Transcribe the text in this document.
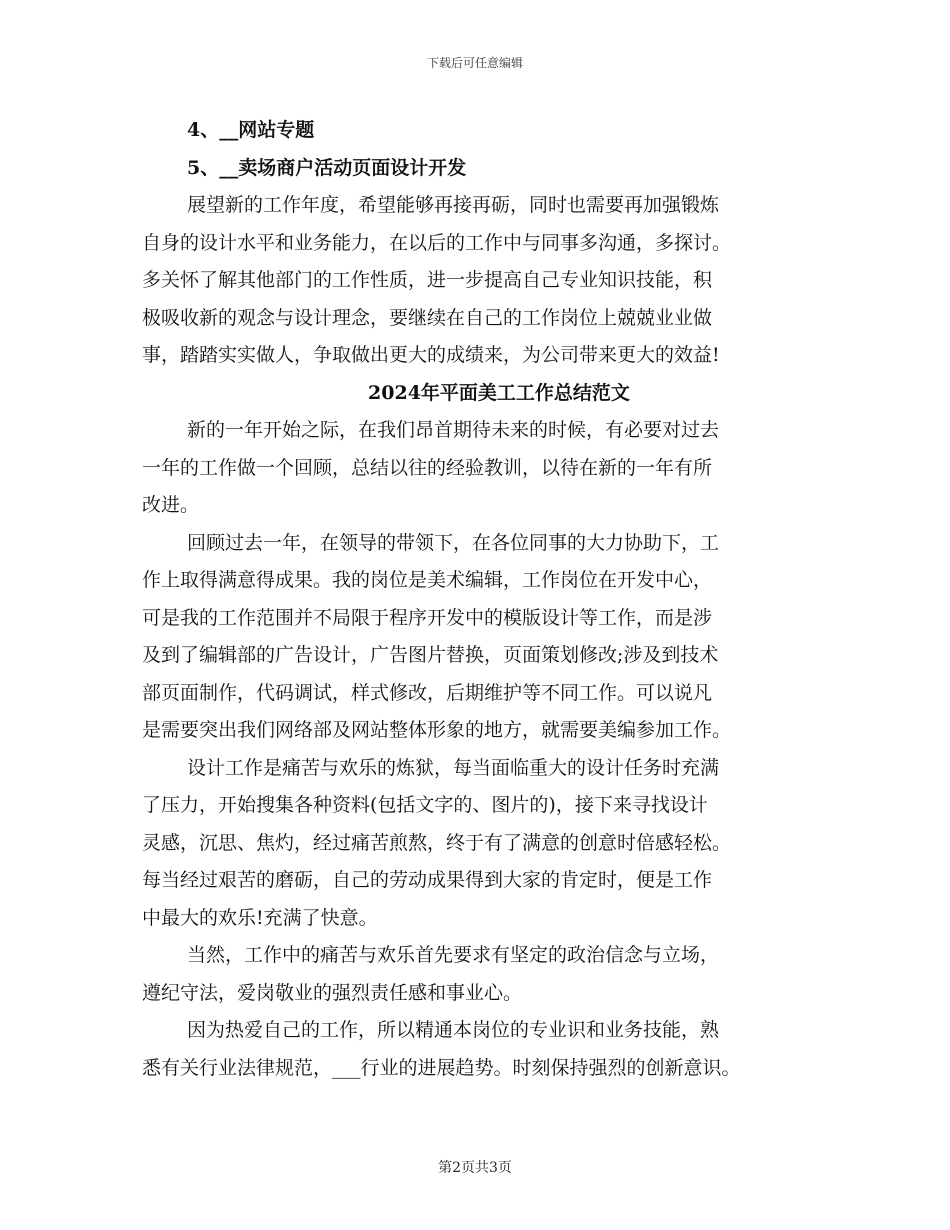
下载后可任意编辑
4、__网站专题
5、__卖场商户活动页面设计开发
展望新的工作年度，希望能够再接再砺，同时也需要再加强锻炼
自身的设计水平和业务能力，在以后的工作中与同事多沟通，多探讨。
多关怀了解其他部门的工作性质，进一步提高自己专业知识技能，积
极吸收新的观念与设计理念，要继续在自己的工作岗位上兢兢业业做
事，踏踏实实做人，争取做出更大的成绩来，为公司带来更大的效益!
2024年平面美工工作总结范文
新的一年开始之际，在我们昂首期待未来的时候，有必要对过去
一年的工作做一个回顾，总结以往的经验教训，以待在新的一年有所
改进。
回顾过去一年，在领导的带领下，在各位同事的大力协助下，工
作上取得满意得成果。我的岗位是美术编辑，工作岗位在开发中心，
可是我的工作范围并不局限于程序开发中的模版设计等工作，而是涉
及到了编辑部的广告设计，广告图片替换，页面策划修改;涉及到技术
部页面制作，代码调试，样式修改，后期维护等不同工作。可以说凡
是需要突出我们网络部及网站整体形象的地方，就需要美编参加工作。
设计工作是痛苦与欢乐的炼狱，每当面临重大的设计任务时充满
了压力，开始搜集各种资料(包括文字的、图片的)，接下来寻找设计
灵感，沉思、焦灼，经过痛苦煎熬，终于有了满意的创意时倍感轻松。
每当经过艰苦的磨砺，自己的劳动成果得到大家的肯定时，便是工作
中最大的欢乐!充满了快意。
当然，工作中的痛苦与欢乐首先要求有坚定的政治信念与立场，
遵纪守法，爱岗敬业的强烈责任感和事业心。
因为热爱自己的工作，所以精通本岗位的专业识和业务技能，熟
悉有关行业法律规范，___行业的进展趋势。时刻保持强烈的创新意识。
第2页共3页
